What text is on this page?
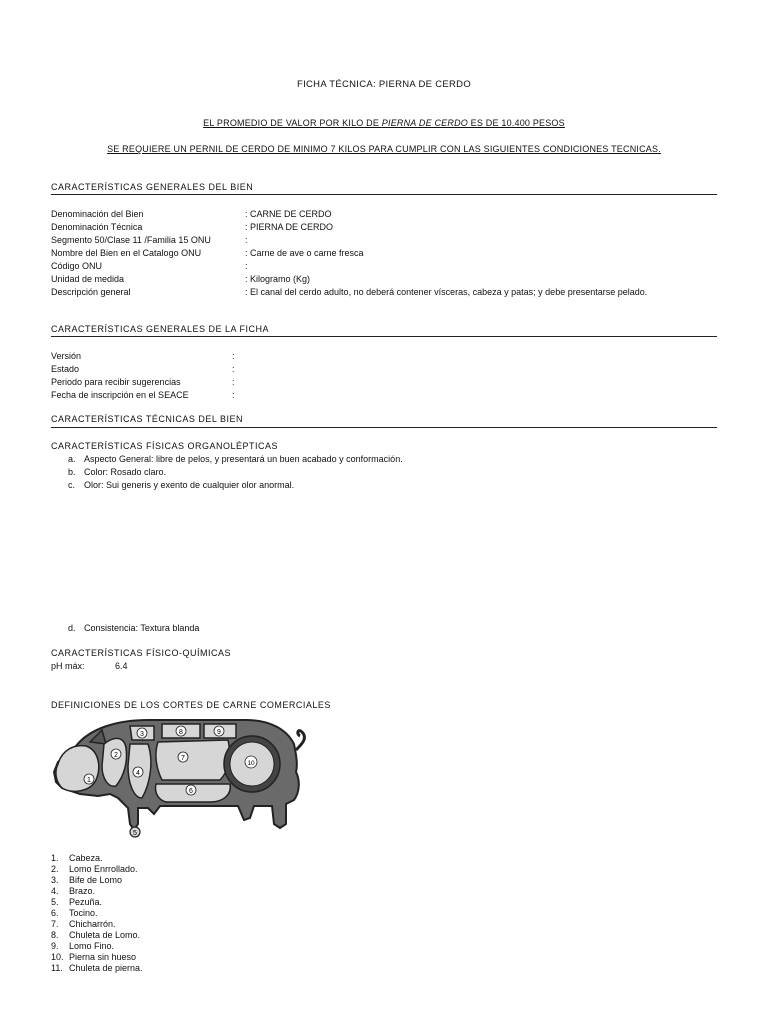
FICHA TÉCNICA: PIERNA DE CERDO
EL PROMEDIO DE VALOR POR KILO DE PIERNA DE CERDO ES DE 10.400 PESOS
SE REQUIERE UN PERNIL DE CERDO DE MINIMO 7 KILOS PARA CUMPLIR CON LAS SIGUIENTES CONDICIONES TECNICAS.
CARACTERÍSTICAS GENERALES DEL BIEN
Denominación del Bien	: CARNE DE CERDO
Denominación Técnica	: PIERNA DE CERDO
Segmento 50/Clase 11 /Familia 15 ONU	:
Nombre del Bien en el Catalogo ONU	: Carne de ave o carne fresca
Código ONU	:
Unidad de medida	: Kilogramo (Kg)
Descripción general	: El canal del cerdo adulto, no deberá contener vísceras, cabeza y patas; y debe presentarse pelado.
CARACTERÍSTICAS GENERALES DE LA FICHA
Versión	:
Estado	:
Periodo para recibir sugerencias	:
Fecha de inscripción en el SEACE	:
CARACTERÍSTICAS TÉCNICAS DEL BIEN
CARACTERÍSTICAS FÍSICAS ORGANOLÉPTICAS
a. Aspecto General: libre de pelos, y presentará un buen acabado y conformación.
b. Color: Rosado claro.
c. Olor: Sui generis y exento de cualquier olor anormal.
d. Consistencia: Textura blanda
CARACTERÍSTICAS FÍSICO-QUÍMICAS
pH máx:	6.4
DEFINICIONES DE LOS CORTES DE CARNE COMERCIALES
1
2
3
4
5
6
7
8	9
10
1. Cabeza.
2. Lomo Enrrollado.
3. Bife de Lomo
4. Brazo.
5. Pezuña.
6. Tocino.
7. Chicharrón.
8. Chuleta de Lomo.
9. Lomo Fino.
10. Pierna sin hueso
11. Chuleta de pierna.
